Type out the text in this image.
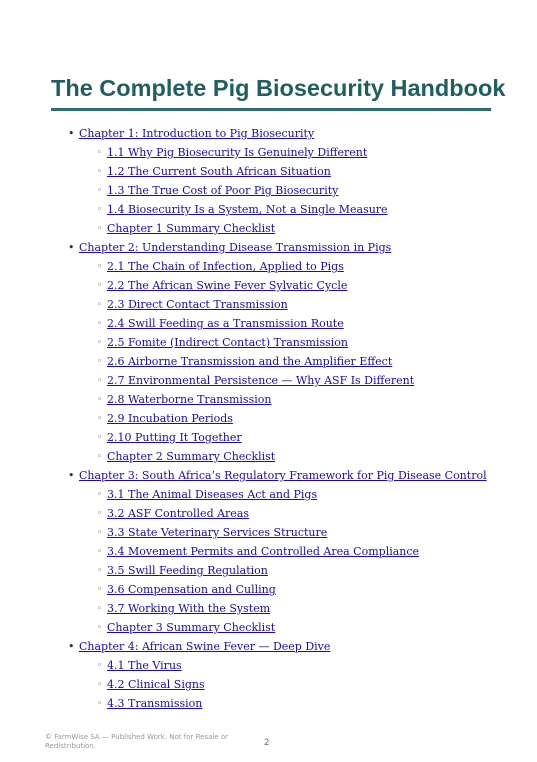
The Complete Pig Biosecurity Handbook
• Chapter 1: Introduction to Pig Biosecurity
◦ 1.1 Why Pig Biosecurity Is Genuinely Different
◦ 1.2 The Current South African Situation
◦ 1.3 The True Cost of Poor Pig Biosecurity
◦ 1.4 Biosecurity Is a System, Not a Single Measure
◦ Chapter 1 Summary Checklist
• Chapter 2: Understanding Disease Transmission in Pigs
◦ 2.1 The Chain of Infection, Applied to Pigs
◦ 2.2 The African Swine Fever Sylvatic Cycle
◦ 2.3 Direct Contact Transmission
◦ 2.4 Swill Feeding as a Transmission Route
◦ 2.5 Fomite (Indirect Contact) Transmission
◦ 2.6 Airborne Transmission and the Amplifier Effect
◦ 2.7 Environmental Persistence — Why ASF Is Different
◦ 2.8 Waterborne Transmission
◦ 2.9 Incubation Periods
◦ 2.10 Putting It Together
◦ Chapter 2 Summary Checklist
• Chapter 3: South Africa’s Regulatory Framework for Pig Disease Control
◦ 3.1 The Animal Diseases Act and Pigs
◦ 3.2 ASF Controlled Areas
◦ 3.3 State Veterinary Services Structure
◦ 3.4 Movement Permits and Controlled Area Compliance
◦ 3.5 Swill Feeding Regulation
◦ 3.6 Compensation and Culling
◦ 3.7 Working With the System
◦ Chapter 3 Summary Checklist
• Chapter 4: African Swine Fever — Deep Dive
◦ 4.1 The Virus
◦ 4.2 Clinical Signs
◦ 4.3 Transmission
© FarmWise SA — Published Work. Not for Resale or Redistribution.	2
